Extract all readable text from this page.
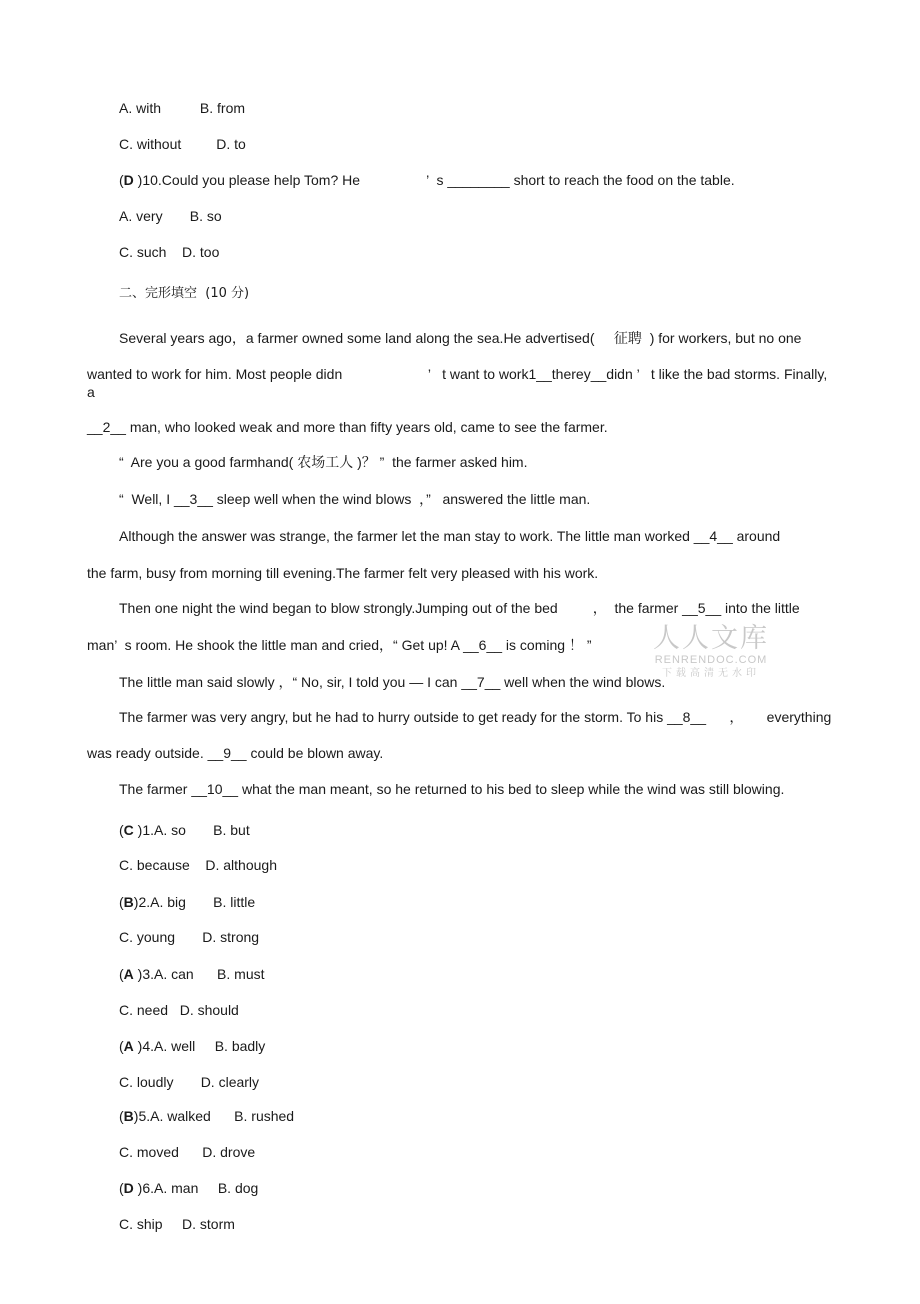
A. with          B. from
C. without         D. to
(D )10.Could you please help Tom? He                 ’  s ________ short to reach the food on the table.
A. very       B. so
C. such    D. too
二、完形填空  (10 分)
Several years ago，a farmer owned some land along the sea.He advertised(     征聘  ) for workers, but no one
wanted to work for him. Most people didn                      ’   t want to work1__therey__didn ’   t like the bad storms. Finally,
a
__2__ man, who looked weak and more than fifty years old, came to see the farmer.
“  Are you a good farmhand( 农场工人 )？ ”  the farmer asked him.
“  Well, I __3__ sleep well when the wind blows  ，”   answered the little man.
Although the answer was strange, the farmer let the man stay to work. The little man worked __4__ around
the farm, busy from morning till evening.The farmer felt very pleased with his work.
Then one night the wind began to blow strongly.Jumping out of the bed         ，  the farmer __5__ into the little
man’  s room. He shook the little man and cried，“ Get up! A __6__ is coming ！ ”
The little man said slowly ，“ No, sir, I told you — I can __7__ well when the wind blows.
The farmer was very angry, but he had to hurry outside to get ready for the storm. To his __8__      ，      everything
was ready outside. __9__ could be blown away.
The farmer __10__ what the man meant, so he returned to his bed to sleep while the wind was still blowing.
(C )1.A. so       B. but
C. because    D. although
(B)2.A. big       B. little
C. young       D. strong
(A )3.A. can      B. must
C. need   D. should
(A )4.A. well     B. badly
C. loudly       D. clearly
(B)5.A. walked      B. rushed
C. moved      D. drove
(D )6.A. man     B. dog
C. ship     D. storm
人人文库
RENRENDOC.COM
下载高清无水印
